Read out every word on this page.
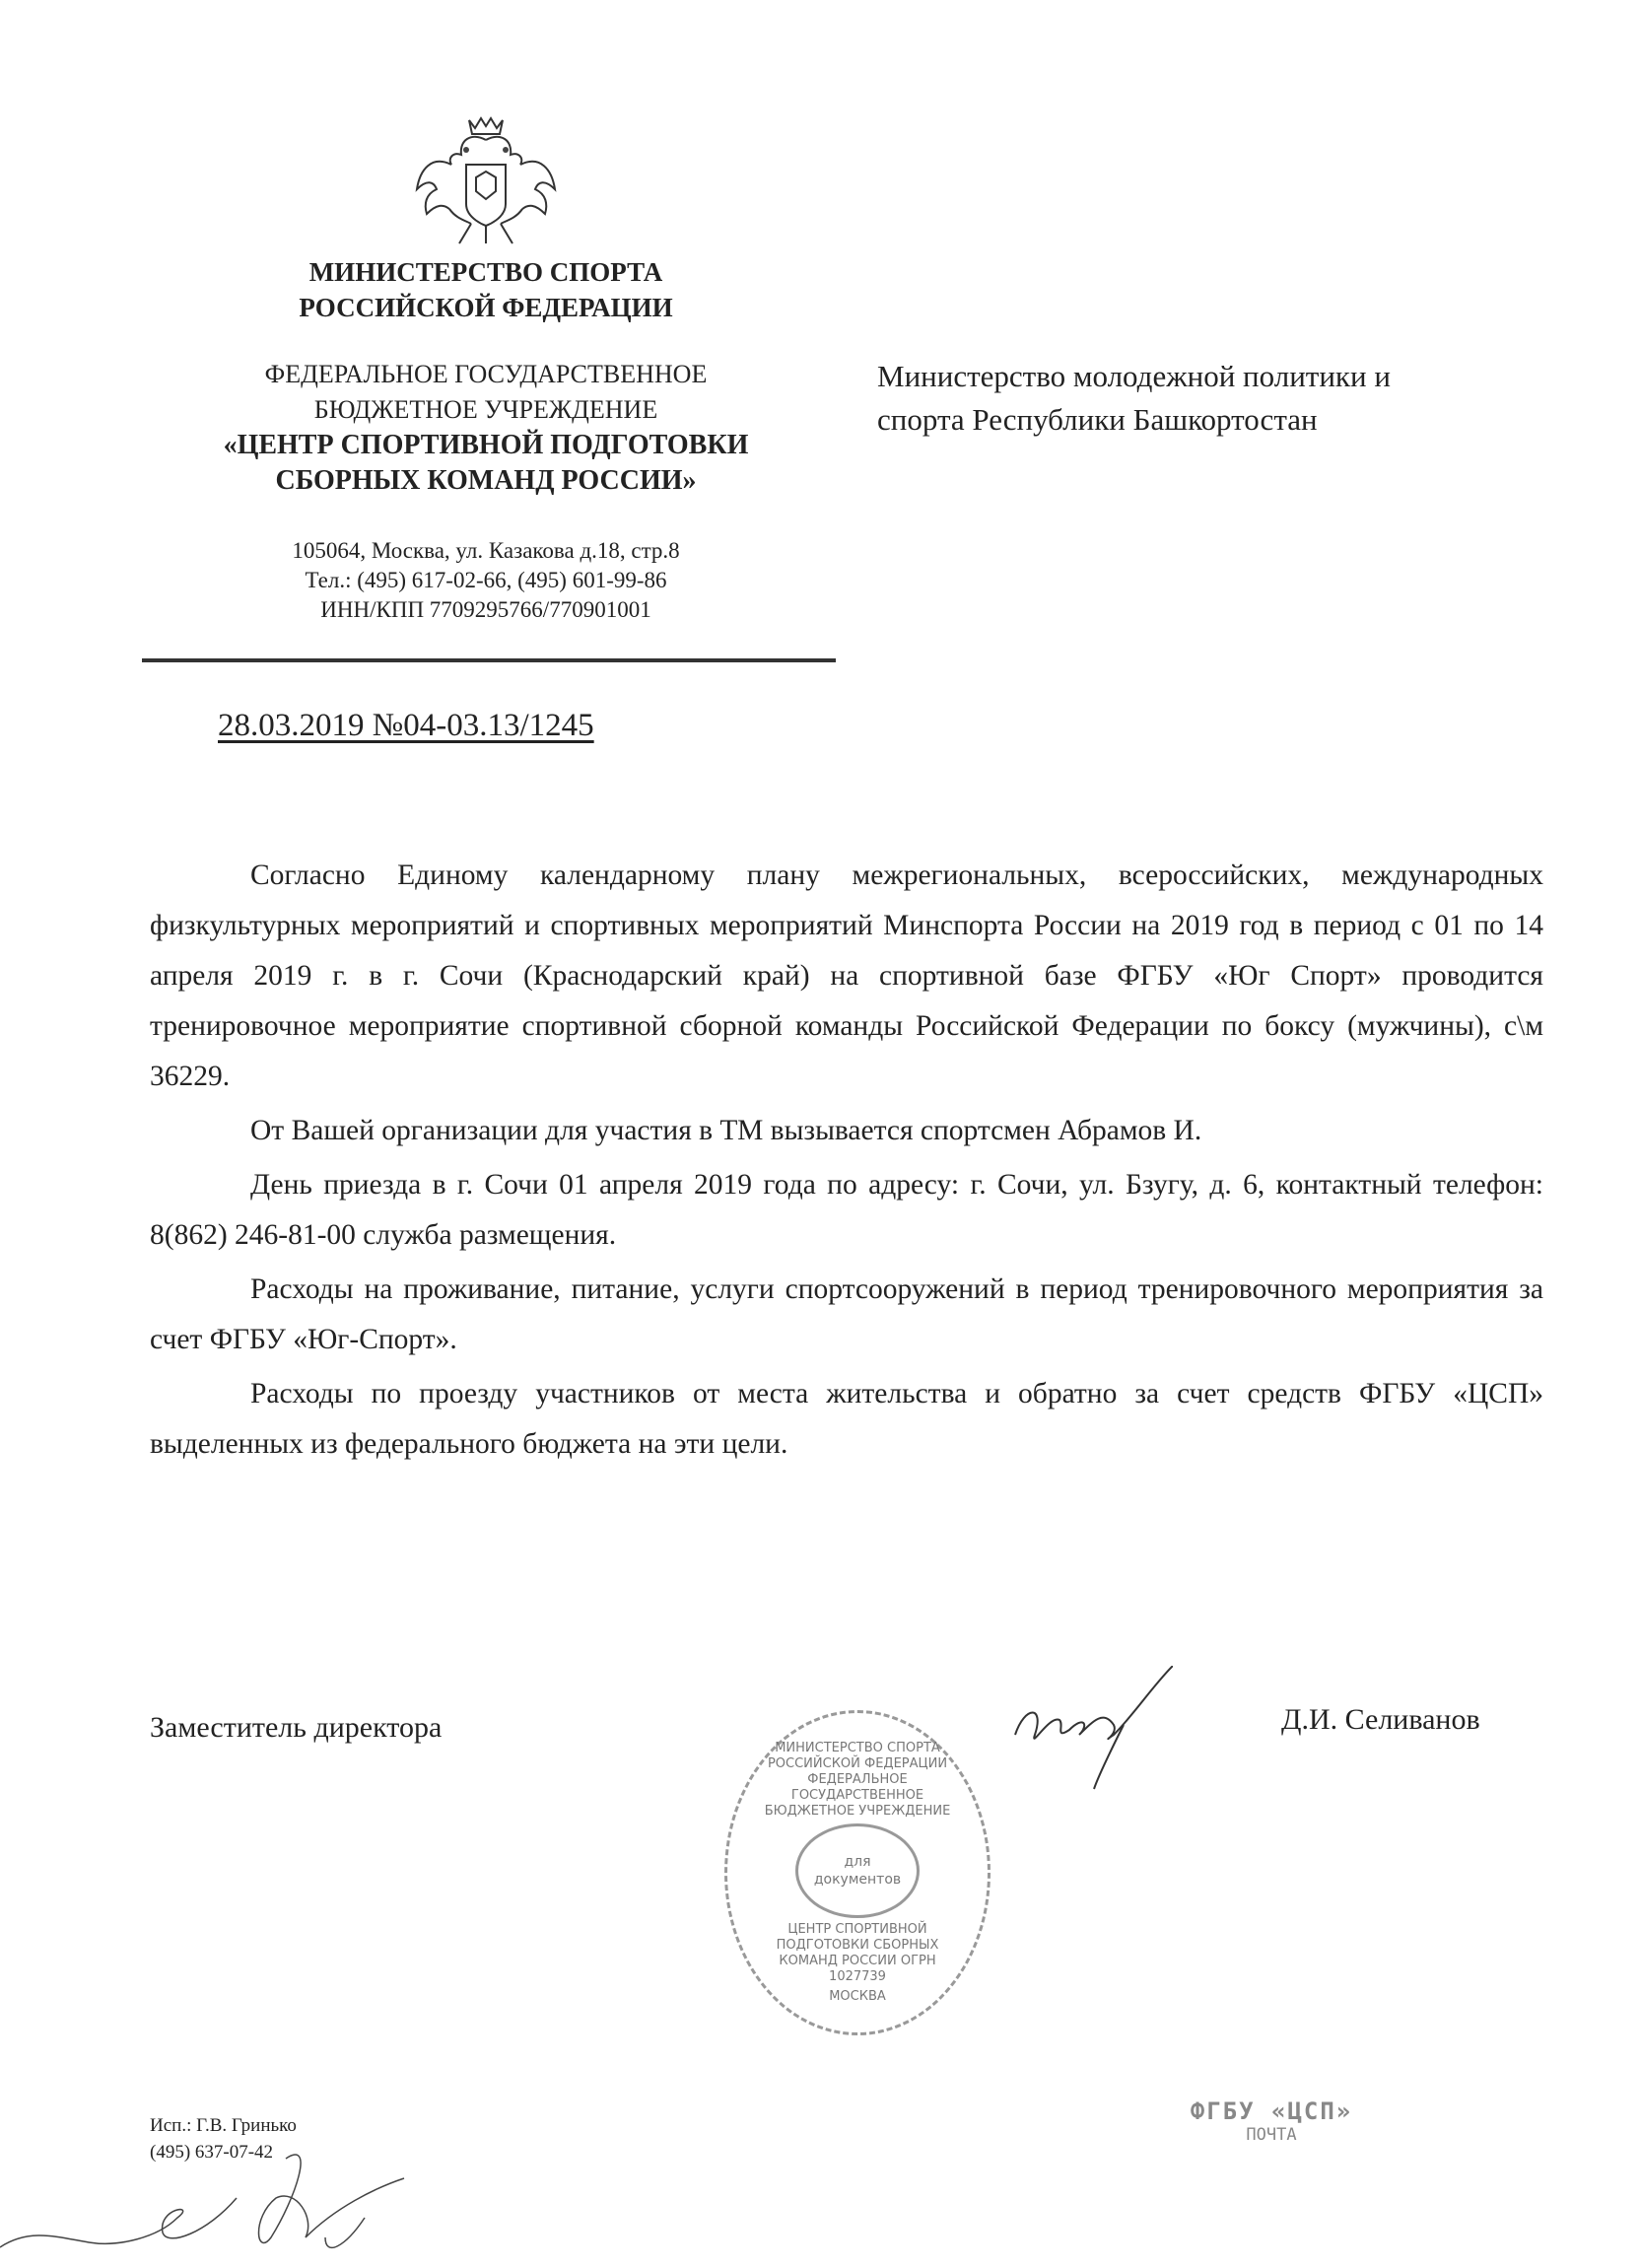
МИНИСТЕРСТВО СПОРТА
РОССИЙСКОЙ ФЕДЕРАЦИИ
ФЕДЕРАЛЬНОЕ ГОСУДАРСТВЕННОЕ
БЮДЖЕТНОЕ УЧРЕЖДЕНИЕ
«ЦЕНТР СПОРТИВНОЙ ПОДГОТОВКИ
СБОРНЫХ КОМАНД РОССИИ»
105064, Москва, ул. Казакова д.18, стр.8
Тел.: (495) 617-02-66, (495) 601-99-86
ИНН/КПП 7709295766/770901001
28.03.2019 №04-03.13/1245
Министерство молодежной политики и
спорта Республики Башкортостан

Согласно Единому календарному плану межрегиональных, всероссийских, международных физкультурных мероприятий и спортивных мероприятий Минспорта России на 2019 год в период с 01 по 14 апреля 2019 г. в г. Сочи (Краснодарский край) на спортивной базе ФГБУ «Юг Спорт» проводится тренировочное мероприятие спортивной сборной команды Российской Федерации по боксу (мужчины), с\м 36229.

От Вашей организации для участия в ТМ вызывается спортсмен Абрамов И.

День приезда в г. Сочи 01 апреля 2019 года по адресу: г. Сочи, ул. Бзугу, д. 6, контактный телефон: 8(862) 246-81-00 служба размещения.

Расходы на проживание, питание, услуги спортсооружений в период тренировочного мероприятия за счет ФГБУ «Юг-Спорт».

Расходы по проезду участников от места жительства и обратно за счет средств ФГБУ «ЦСП» выделенных из федерального бюджета на эти цели.

Заместитель директора	Д.И. Селиванов
МИНИСТЕРСТВО СПОРТА РОССИЙСКОЙ ФЕДЕРАЦИИ ФЕДЕРАЛЬНОЕ ГОСУДАРСТВЕННОЕ БЮДЖЕТНОЕ УЧРЕЖДЕНИЕ
для
документов
ЦЕНТР СПОРТИВНОЙ ПОДГОТОВКИ СБОРНЫХ КОМАНД РОССИИ ОГРН 1027739
МОСКВА
Исп.: Г.В. Гринько
(495) 637-07-42
ФГБУ «ЦСП»
ПОЧТА
